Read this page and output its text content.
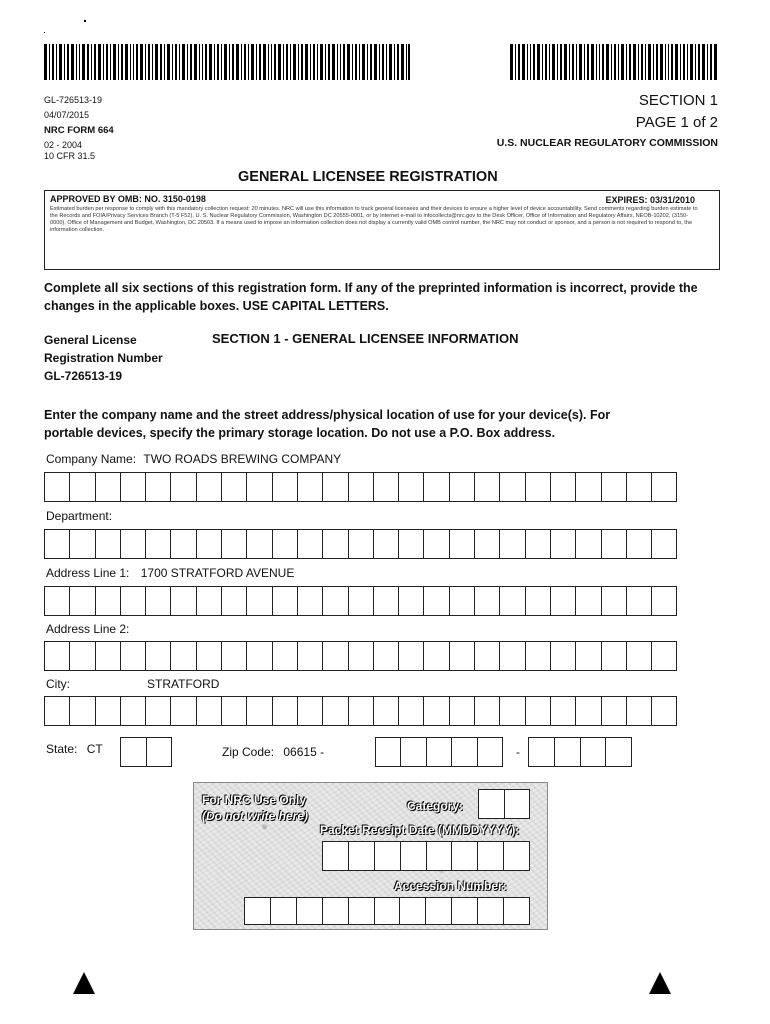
GL-726513-19
04/07/2015
NRC FORM 664
02 - 2004
10 CFR 31.5
SECTION 1
PAGE 1 of 2
U.S. NUCLEAR REGULATORY COMMISSION
GENERAL LICENSEE REGISTRATION
APPROVED BY OMB: NO. 3150-0198	EXPIRES: 03/31/2010
Estimated burden per response to comply with this mandatory collection request: 20 minutes. NRC will use this information to track general licensees and their devices to ensure a higher level of device accountability. Send comments regarding burden estimate to the Records and FOIA/Privacy Services Branch (T-5 F52), U. S. Nuclear Regulatory Commission, Washington DC 20555-0001, or by internet e-mail to infocollects@nrc.gov to the Desk Officer, Office of Information and Regulatory Affairs, NEOB-10202, (3150-0000), Office of Management and Budget, Washington, DC 20503. If a means used to impose an information collection does not display a currently valid OMB control number, the NRC may not conduct or sponsor, and a person is not required to respond to, the information collection.
Complete all six sections of this registration form. If any of the preprinted information is incorrect, provide the
changes in the applicable boxes. USE CAPITAL LETTERS.
General License
Registration Number
GL-726513-19
SECTION 1 - GENERAL LICENSEE INFORMATION
Enter the company name and the street address/physical location of use for your device(s). For
portable devices, specify the primary storage location. Do not use a P.O. Box address.
Company Name: TWO ROADS BREWING COMPANY
Department:
Address Line 1: 1700 STRATFORD AVENUE
Address Line 2:
City:	STRATFORD
State: CT	Zip Code: 06615 -	-
For NRC Use Only
(Do not write here)
Category:
Packet Receipt Date (MMDDYYYY):
Accession Number:
